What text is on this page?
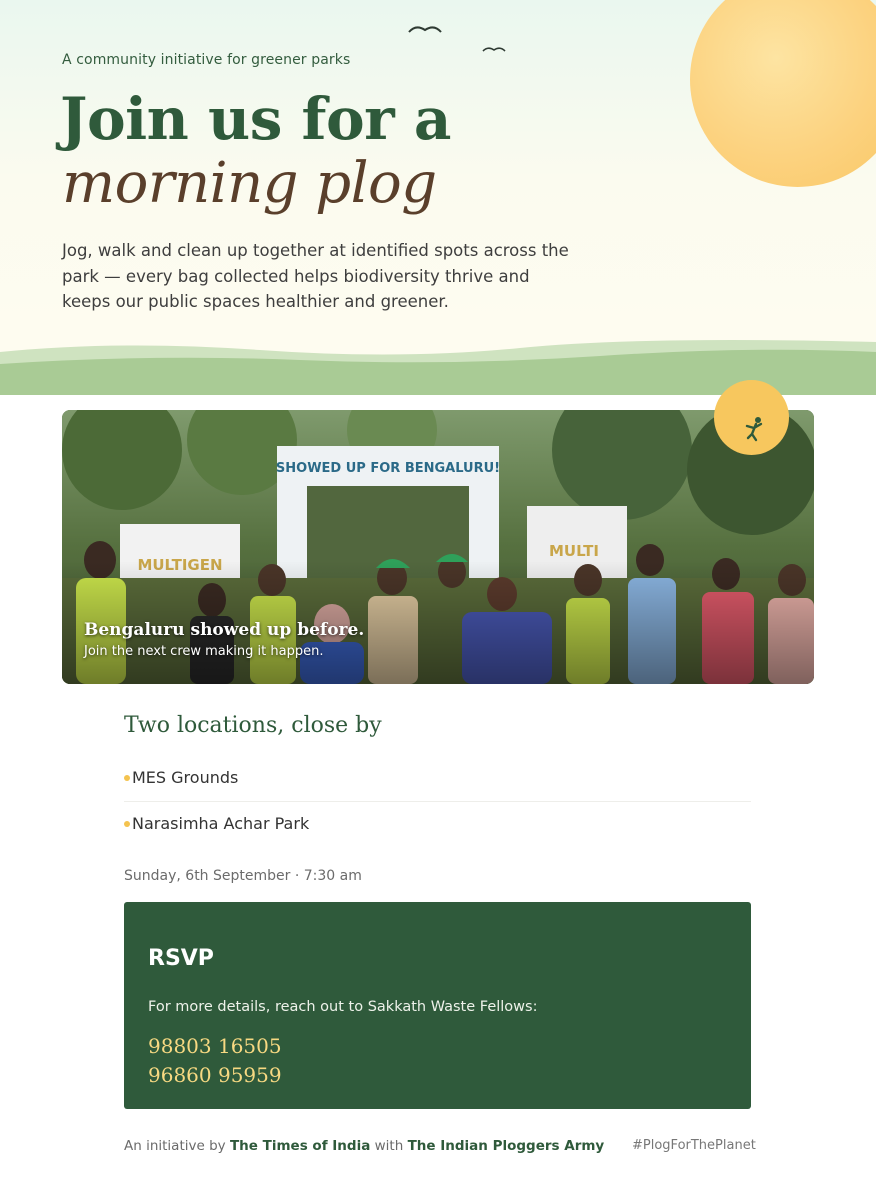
A community initiative for greener parks
Join us for a
morning plog
Jog, walk and clean up together at identified spots across the park — every bag collected helps biodiversity thrive and keeps our public spaces healthier and greener.
Bengaluru showed up before.
Join the next crew making it happen.
Two locations, close by
MES Grounds
Narasimha Achar Park
Sunday, 6th September · 7:30 am
RSVP
For more details, reach out to Sakkath Waste Fellows:
98803 16505
96860 95959
An initiative by The Times of India with The Indian Ploggers Army #PlogForThePlanet
